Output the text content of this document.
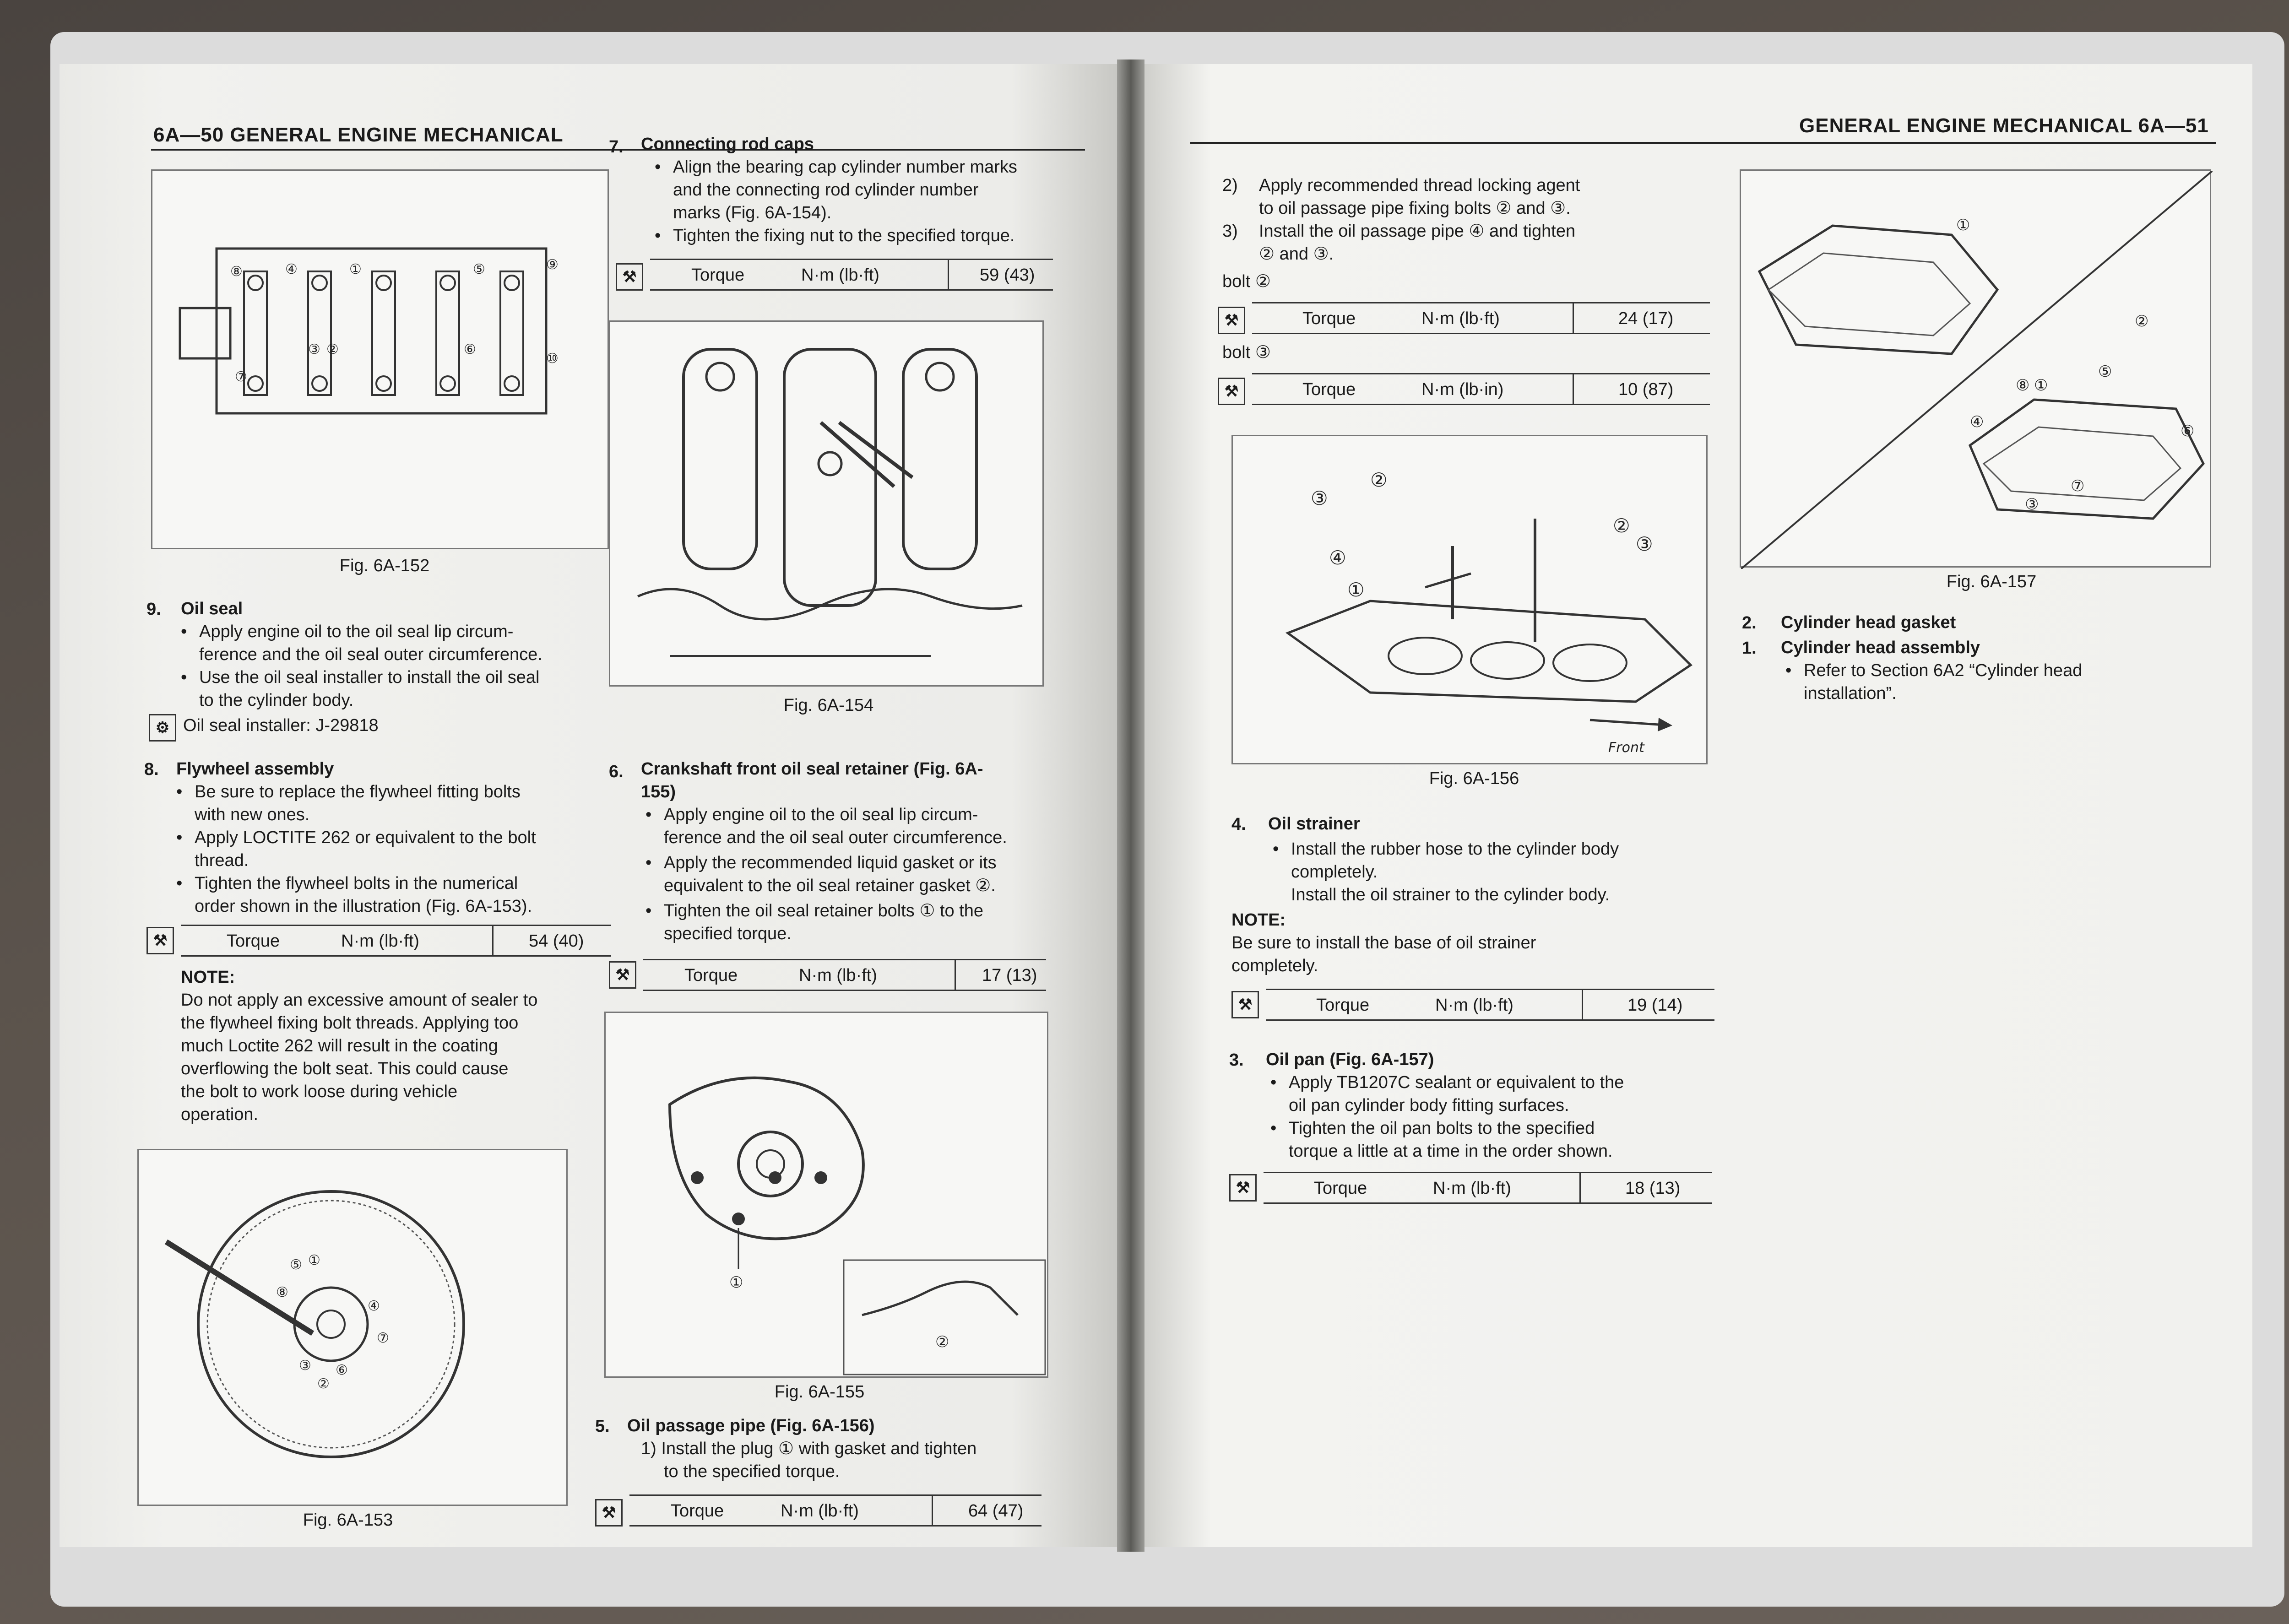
6A—50 GENERAL ENGINE MECHANICAL
⑧	④	①	⑤	⑨
③ ②	⑥
⑦
⑩
Fig. 6A-152
9. Oil seal
• Apply engine oil to the oil seal lip circum-
ference and the oil seal outer circumference.
• Use the oil seal installer to install the oil seal
to the cylinder body.
⚙ Oil seal installer: J-29818
8. Flywheel assembly
• Be sure to replace the flywheel fitting bolts
with new ones.
• Apply LOCTITE 262 or equivalent to the bolt
thread.
• Tighten the flywheel bolts in the numerical
order shown in the illustration (Fig. 6A-153).
⚒	Torque	N·m (lb·ft)	54 (40)
NOTE:
Do not apply an excessive amount of sealer to
the flywheel fixing bolt threads. Applying too
much Loctite 262 will result in the coating
overflowing the bolt seat. This could cause
the bolt to work loose during vehicle
operation.
⑤ ①
⑧
④
⑦
⑥
③
②
Fig. 6A-153
7. Connecting rod caps
• Align the bearing cap cylinder number marks
and the connecting rod cylinder number
marks (Fig. 6A-154).
• Tighten the fixing nut to the specified torque.
⚒	Torque	N·m (lb·ft)	59 (43)
Fig. 6A-154
6. Crankshaft front oil seal retainer (Fig. 6A-
155)
• Apply engine oil to the oil seal lip circum-
ference and the oil seal outer circumference.
• Apply the recommended liquid gasket or its
equivalent to the oil seal retainer gasket ②.
• Tighten the oil seal retainer bolts ① to the
specified torque.
⚒	Torque	N·m (lb·ft)	17 (13)
①
②
Fig. 6A-155
5. Oil passage pipe (Fig. 6A-156)
1) Install the plug ① with gasket and tighten
to the specified torque.
⚒	Torque	N·m (lb·ft)	64 (47)
GENERAL ENGINE MECHANICAL 6A—51
2) Apply recommended thread locking agent
to oil passage pipe fixing bolts ② and ③.
3) Install the oil passage pipe ④ and tighten
② and ③.
bolt ②
⚒	Torque	N·m (lb·ft)	24 (17)
bolt ③
⚒	Torque	N·m (lb·in)	10 (87)
②
③
④
①
②
③
Front
Fig. 6A-156
4. Oil strainer
• Install the rubber hose to the cylinder body
completely.
Install the oil strainer to the cylinder body.
NOTE:
Be sure to install the base of oil strainer
completely.
⚒	Torque	N·m (lb·ft)	19 (14)
3. Oil pan (Fig. 6A-157)
• Apply TB1207C sealant or equivalent to the
oil pan cylinder body fitting surfaces.
• Tighten the oil pan bolts to the specified
torque a little at a time in the order shown.
⚒	Torque	N·m (lb·ft)	18 (13)
①
②
⑤
⑧ ①
④	⑥
⑦
③
Fig. 6A-157
2. Cylinder head gasket
1. Cylinder head assembly
• Refer to Section 6A2 “Cylinder head
installation”.
